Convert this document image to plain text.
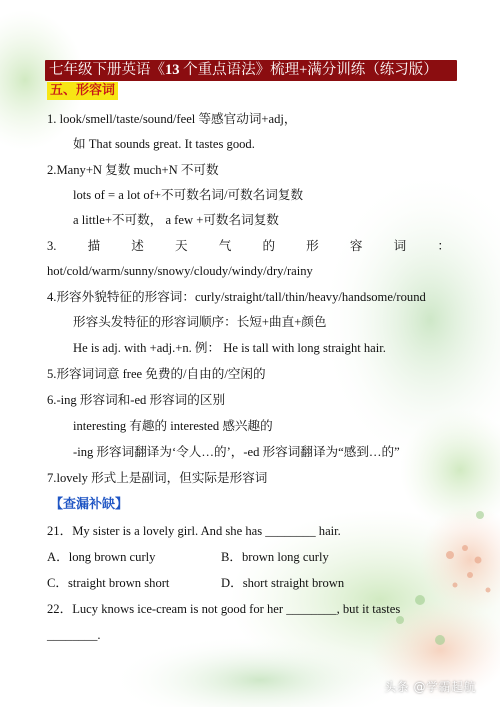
七年级下册英语《13 个重点语法》梳理+满分训练（练习版）
五、形容词
1. look/smell/taste/sound/feel 等感官动词+adj，
如 That sounds great. It tastes good.
2.Many+N 复数 much+N 不可数
lots of = a lot of+不可数名词/可数名词复数
a little+不可数， a few +可数名词复数
3. 描 述 天 气 的 形 容 词 ：
hot/cold/warm/sunny/snowy/cloudy/windy/dry/rainy
4.形容外貌特征的形容词：curly/straight/tall/thin/heavy/handsome/round
形容头发特征的形容词顺序：长短+曲直+颜色
He is adj. with +adj.+n. 例： He is tall with long straight hair.
5.形容词词意 free 免费的/自由的/空闲的
6.-ing 形容词和-ed 形容词的区别
interesting 有趣的 interested 感兴趣的
-ing 形容词翻译为‘令人…的’，-ed 形容词翻译为“感到…的”
7.lovely 形式上是副词，但实际是形容词
【查漏补缺】
21．My sister is a lovely girl. And she has ________ hair.
A．long brown curly	B．brown long curly
C．straight brown short	D．short straight brown
22．Lucy knows ice-cream is not good for her ________, but it tastes
________.
头条 @学霸起航
